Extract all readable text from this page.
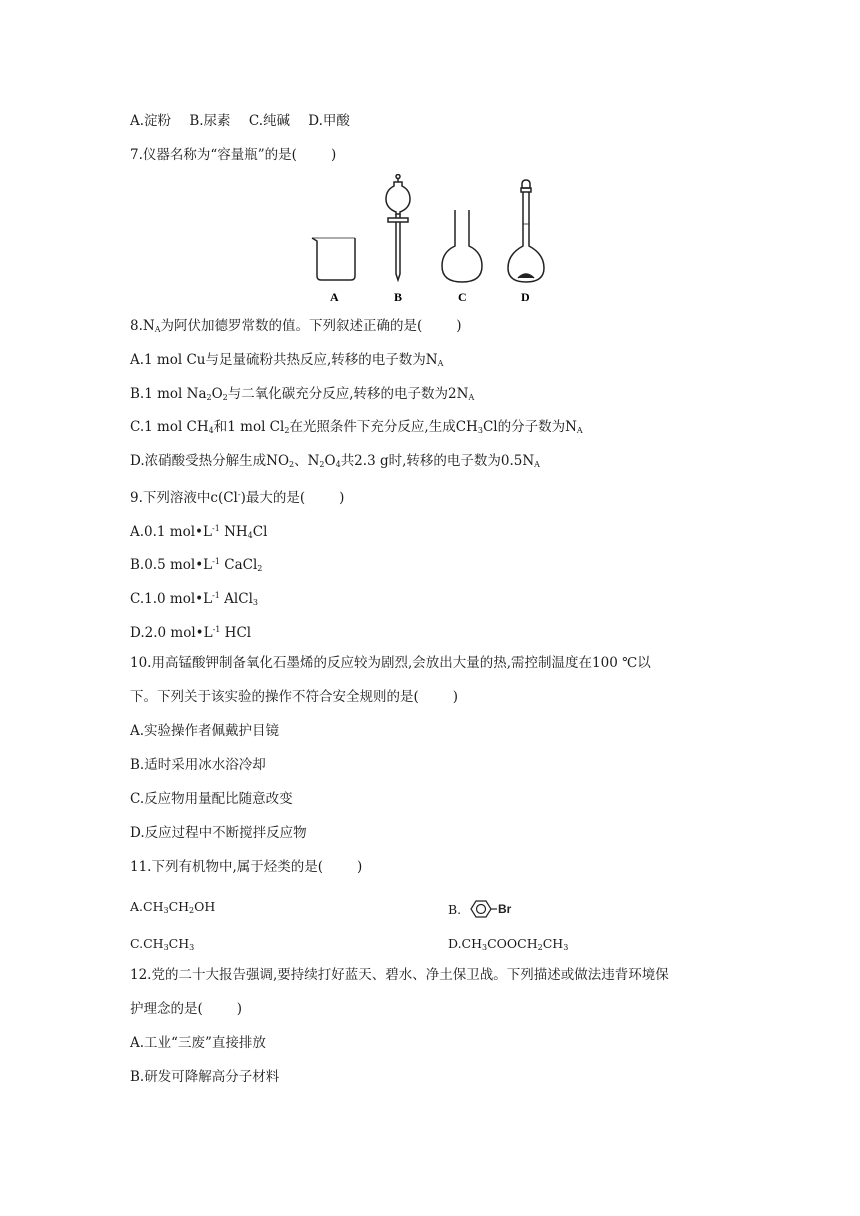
A.淀粉 B.尿素 C.纯碱 D.甲酸
7.仪器名称为“容量瓶”的是(	)
A	B	C	D
$8.N_A$为阿伏加德罗常数的值。下列叙述正确的是(	)
A.1 mol Cu与足量硫粉共热反应,转移的电子数为$N_A$
B.1 mol $Na_2O_2$与二氧化碳充分反应,转移的电子数为$2N_A$
C.1 mol $CH_4$和1 mol $Cl_2$在光照条件下充分反应,生成$CH_3Cl$的分子数为$N_A$
D.浓硝酸受热分解生成$NO_2$、$N_2O_4$共2.3 g时,转移的电子数为$0.5N_A$
9.下列溶液中c(Cl-)最大的是(	)
A.0.1 $mol•L^{-1}$ $NH_4Cl$
B.0.5 $mol•L^{-1}$ CaCl$_2$
C.1.0 $mol•L^{-1}$ AlCl$_3$
D.2.0 $mol•L^{-1}$ HCl
10.用高锰酸钾制备氧化石墨烯的反应较为剧烈,会放出大量的热,需控制温度在100 ℃以
下。下列关于该实验的操作不符合安全规则的是(	)
A.实验操作者佩戴护目镜
B.适时采用冰水浴冷却
C.反应物用量配比随意改变
D.反应过程中不断搅拌反应物
11.下列有机物中,属于烃类的是(	)
$A.CH_3CH_2OH$	B.	Br
$C.CH_3CH_3$	$D.CH_3COOCH_2CH_3$
12.党的二十大报告强调,要持续打好蓝天、碧水、净土保卫战。下列描述或做法违背环境保
护理念的是(	)
A.工业“三废”直接排放
B.研发可降解高分子材料
